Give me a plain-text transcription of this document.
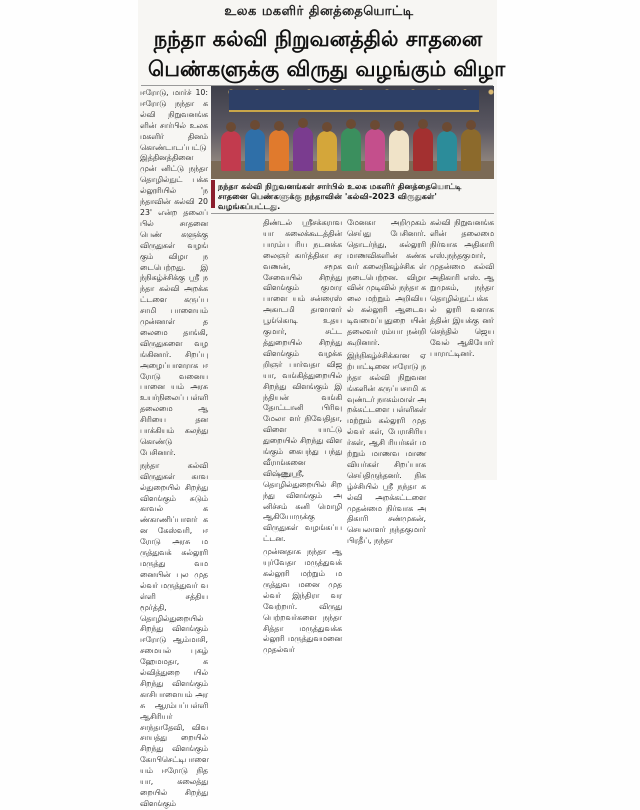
உலக மகளிர் தினத்தையொட்டி
நந்தா கல்வி நிறுவனத்தில் சாதனை
பெண்களுக்கு விருது வழங்கும் விழா

ஈரோடு, மார்ச் 10: ஈரோடு நந்தா கல்வி நிறுவனங்க ளின் சார்பில் உலக மகளிர் தினம் கொண்டாடப்பட்டு இத்தினத்தினை முன் னிட்டு நந்தா தொழில்நுட் பக்கல்லூரியில் 'நந்தாவின் கல்வி 2023' என்ற தலைப் பில் சாதனை பெண் களுக்கு விருதுகள் வழங் கும் விழா நடைபெற்றது. இந்நிகழ்ச்சிக்கு ஸ்ரீ நந்தா கல்வி அறக்கட்டளை கருப்பசாமி பாளையம் முன்னாள் தலைமை தாங்கி, விருதுகளை வழங்கினார். சிறப்பு அழைப்பாளராக ஈரோடு வனையபானை யம் அரசு உயர்நிலைப் பள்ளி தலைமை ஆசிரியை தன பாக்கியம் கலந்து கொண்டு பேசினார்.

நந்தா கல்வி விருதுகள் காவல்துறையில் சிறந்து விளங்கும் சுடும் காவல் கண்காணிப்பாளர் கன கேஸ்வரி, ஈரோடு அரசு மருத்துவக் கல்லூரி மருத்து வமனையின் புல முதல்வர் மருத்துவர் வள்ளி சத்திய மூர்த்தி, தொழில்துறையில் சிறந்து விளங்கும் ஈரோடு ஆம்மாசி, சமையல் புகழ் ஹேமமதா, கல்வித்துறை யில் சிறந்து விளங்கும் காசிபாளையம் அரசு ஆரம்பப்பள்ளி ஆசிரியர் சாந்தாதேவி, விவசாயத்து றையில் சிறந்து விளங்கும் கோபிசெட்டிபாளையம் ஈரோடு நிதயா, கலைத்து றையில் சிறந்து விளங்கும்

நந்தா கல்வி நிறுவனங்கள் சார்பில் உலக மகளிர் தினத்தையொட்டி சாதனை பெண்களுக்கு நந்தாவின் 'கல்வி-2023 விருதுகள்' வழங்கப்பட்டது.

திண்டல் ஸ்ரீசக்கராவயா கலைக்கூடத்தின் பாரம்ப ரிய நடனக்கலைஞர் கார்த்திகா சரவணன், சமூக சேவையில் சிறந்து விளங்கும் குமாரபாளை யம் சன்ரைஸ் அகாடமி தாளாளர் பூங்கொடி உதய குமார், சட்டத்துறையில் சிறந்து விளங்கும் வழக்க றிஞர் பார்வதா விஜயா, வங்கித்துறையில் சிறந்து விளங்கும் இந்தியன் வங்கி தோட்டானி பிரிவு மேலா ளர் நிவேதிதா, விளை யாட்டு துறையில் சிறந்து விளங்கும் கைபந்து பந்து வீராங்கனை விஷ்ணுஸ்ரீ, தொழில்துறையில் சிறந்து விளங்கும் அனிச்சம் கனி மொழி ஆகியோருக்கு விருதுகள் வழங்கப்பட்டன.

முன்னதாக நந்தா ஆயுர்வேதா மருத்துவக் கல்லூரி மற்றும் மருத்துவ மனை முதல்வர் இந்திரா வரவேற்றார். விருது பெற்றவர்களை நந்தா சித்தா மருத்துவக்கல்லூரி மருத்துவமனை முதல்வர்

மேனகா அறிமுகம் செய்து பேசினார். தொடர்ந்து, கல்லூரி மாணவிகளின் கண்கவர் கலைநிகழ்ச்சிக ள் நடைபெற்றன. விழா வின் முடிவில் நந்தா கலை மற்றும் அறிவியல் கல்லூரி ஆடைவடிவமைப்புதுறை யின் தலைவர் ரம்யா நன்றி கூறினார்.

இந்நிகழ்ச்சிக்கான ஏற்பாட்டினை ஈரோடு நந்தா கல்வி நிறுவனங்களின் கருப்பசாமி கவுண்டர் நாகம்மாள் அறக்கட்டளை பள்ளிகள் மற்றும் கல்லூரி முதல்வர் கள், பேராசிரியர்கள், ஆசி ரியர்கள் மற்றும் மாணவ மாணவியர்கள் சிறப்பாக செய்திருந்தனர். நிகழ்ச்சியில் ஸ்ரீ நந்தா கல்வி அறக்கட்டளை முதன்மை நிர்வாக அதிகாரி சண்முகன், செயலாளர் நந்தகுமார் பிரதீப், நந்தா

கல்வி நிறுவனங்களின் தலைமை நிர்வாக அதிகாரி எஸ்.நந்தகுமார், முதன்மை கல்வி அதிகாரி எஸ். ஆறுமுகம், நந்தா தொழில்நுட்பக்கல் லூரி வளாகத்தின் இயக்கு னர் செந்தில் ஜெயவேல் ஆகியோர் பாராட்டினர்.
